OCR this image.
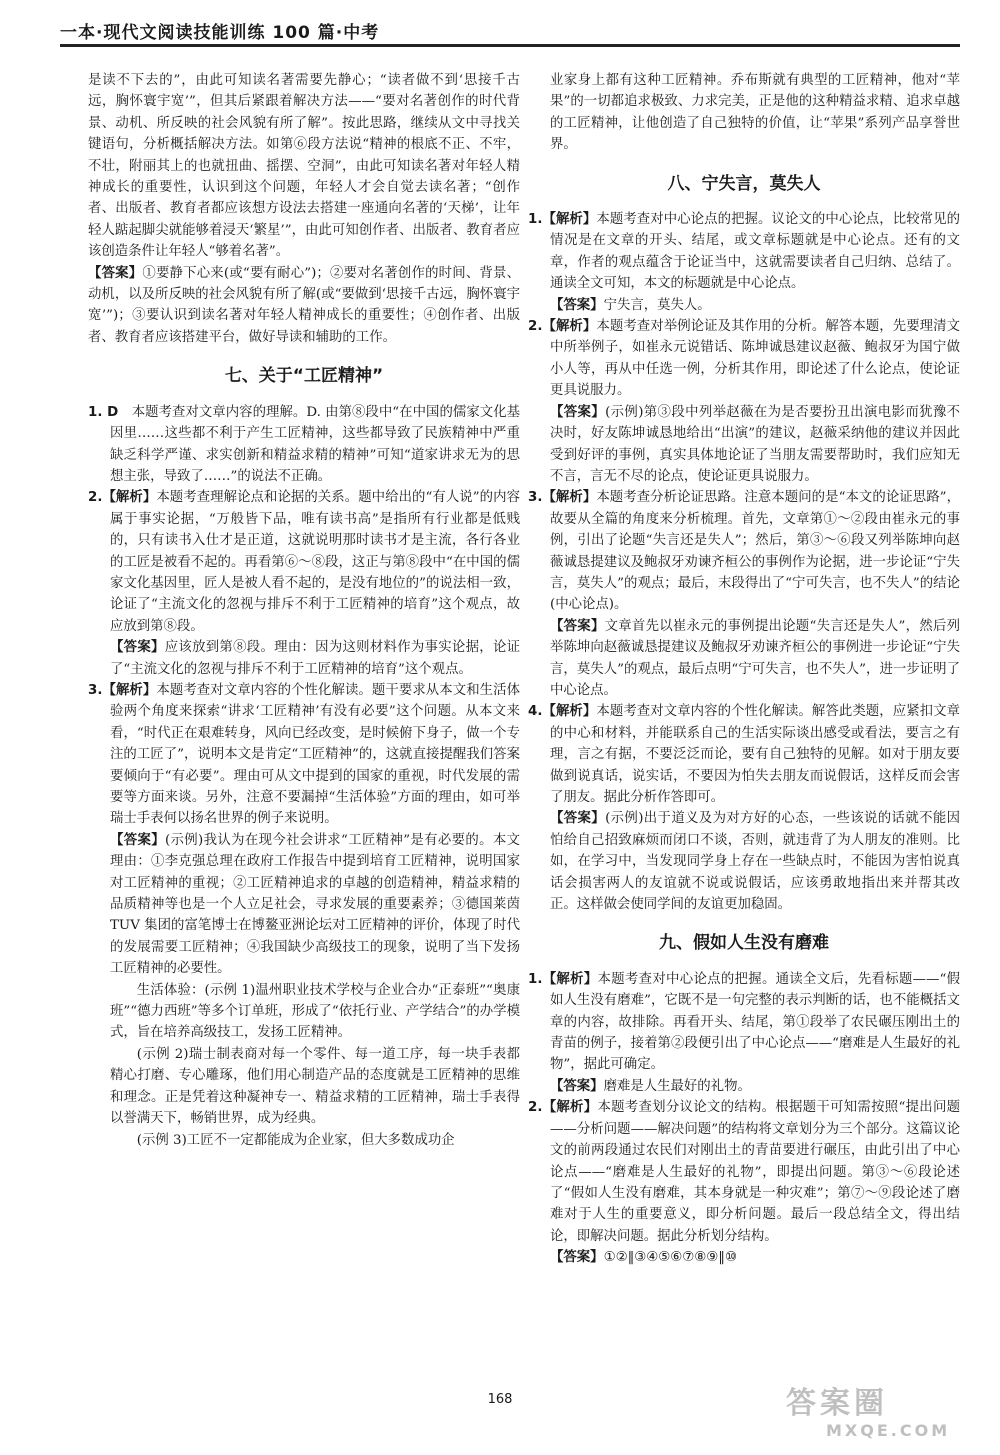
一本·现代文阅读技能训练 100 篇·中考

是读不下去的”，由此可知读名著需要先静心；“读者做不到‘思接千古远，胸怀寰宇宽’”，但其后紧跟着解决方法——“要对名著创作的时代背景、动机、所反映的社会风貌有所了解”。按此思路，继续从文中寻找关键语句，分析概括解决方法。如第⑥段方法说“精神的根底不正、不牢，不壮，附丽其上的也就扭曲、摇摆、空洞”，由此可知读名著对年轻人精神成长的重要性，认识到这个问题，年轻人才会自觉去读名著；“创作者、出版者、教育者都应该想方设法去搭建一座通向名著的‘天梯’，让年轻人踮起脚尖就能够着浸天‘繁星’”，由此可知创作者、出版者、教育者应该创造条件让年轻人“够着名著”。

【答案】①要静下心来(或“要有耐心”)；②要对名著创作的时间、背景、动机，以及所反映的社会风貌有所了解(或“要做到‘思接千古远，胸怀寰宇宽’”)；③要认识到读名著对年轻人精神成长的重要性；④创作者、出版者、教育者应该搭建平台，做好导读和辅助的工作。

七、关于“工匠精神”

1. D　 本题考查对文章内容的理解。D. 由第⑧段中“在中国的儒家文化基因里……这些都不利于产生工匠精神，这些都导致了民族精神中严重缺乏科学严谨、求实创新和精益求精的精神”可知“道家讲求无为的思想主张，导致了……”的说法不正确。

2.【解析】本题考查理解论点和论据的关系。题中给出的“有人说”的内容属于事实论据，“万般皆下品，唯有读书高”是指所有行业都是低贱的，只有读书入仕才是正道，这就说明那时读书才是主流，各行各业的工匠是被看不起的。再看第⑥～⑧段，这正与第⑧段中“在中国的儒家文化基因里，匠人是被人看不起的，是没有地位的”的说法相一致，论证了“主流文化的忽视与排斥不利于工匠精神的培育”这个观点，故应放到第⑧段。

【答案】应该放到第⑧段。理由：因为这则材料作为事实论据，论证了“主流文化的忽视与排斥不利于工匠精神的培育”这个观点。

3.【解析】本题考查对文章内容的个性化解读。题干要求从本文和生活体验两个角度来探索“讲求‘工匠精神’有没有必要”这个问题。从本文来看，“时代正在艰难转身，风向已经改变，是时候俯下身子，做一个专注的工匠了”，说明本文是肯定“工匠精神”的，这就直接提醒我们答案要倾向于“有必要”。理由可从文中提到的国家的重视，时代发展的需要等方面来谈。另外，注意不要漏掉“生活体验”方面的理由，如可举瑞士手表何以扬名世界的例子来说明。

【答案】(示例)我认为在现今社会讲求“工匠精神”是有必要的。本文理由：①李克强总理在政府工作报告中提到培育工匠精神，说明国家对工匠精神的重视；②工匠精神追求的卓越的创造精神，精益求精的品质精神等也是一个人立足社会，寻求发展的重要素养；③德国莱茵 TUV 集团的富笔博士在博鳌亚洲论坛对工匠精神的评价，体现了时代的发展需要工匠精神；④我国缺少高级技工的现象，说明了当下发扬工匠精神的必要性。

生活体验：(示例 1)温州职业技术学校与企业合办“正泰班”“奥康班”“德力西班”等多个订单班，形成了“依托行业、产学结合”的办学模式，旨在培养高级技工，发扬工匠精神。

(示例 2)瑞士制表商对每一个零件、每一道工序，每一块手表都精心打磨、专心雕琢，他们用心制造产品的态度就是工匠精神的思维和理念。正是凭着这种凝神专一、精益求精的工匠精神，瑞士手表得以誉满天下，畅销世界，成为经典。

(示例 3)工匠不一定都能成为企业家，但大多数成功企

业家身上都有这种工匠精神。乔布斯就有典型的工匠精神，他对“苹果”的一切都追求极致、力求完美，正是他的这种精益求精、追求卓越的工匠精神，让他创造了自己独特的价值，让“苹果”系列产品享誉世界。

八、宁失言，莫失人

1.【解析】本题考查对中心论点的把握。议论文的中心论点，比较常见的情况是在文章的开头、结尾，或文章标题就是中心论点。还有的文章，作者的观点蕴含于论证当中，这就需要读者自己归纳、总结了。通读全文可知，本文的标题就是中心论点。

【答案】宁失言，莫失人。

2.【解析】本题考查对举例论证及其作用的分析。解答本题，先要理清文中所举例子，如崔永元说错话、陈坤诚恳建议赵薇、鲍叔牙为国宁做小人等，再从中任选一例，分析其作用，即论述了什么论点，使论证更具说服力。

【答案】(示例)第③段中列举赵薇在为是否要扮丑出演电影而犹豫不决时，好友陈坤诚恳地给出“出演”的建议，赵薇采纳他的建议并因此受到好评的事例，真实具体地论证了当朋友需要帮助时，我们应知无不言，言无不尽的论点，使论证更具说服力。

3.【解析】本题考查分析论证思路。注意本题问的是“本文的论证思路”，故要从全篇的角度来分析梳理。首先，文章第①～②段由崔永元的事例，引出了论题“失言还是失人”；然后，第③～⑥段又列举陈坤向赵薇诚恳提建议及鲍叔牙劝谏齐桓公的事例作为论据，进一步论证“宁失言，莫失人”的观点；最后，末段得出了“宁可失言，也不失人”的结论(中心论点)。

【答案】文章首先以崔永元的事例提出论题“失言还是失人”，然后列举陈坤向赵薇诚恳提建议及鲍叔牙劝谏齐桓公的事例进一步论证“宁失言，莫失人”的观点，最后点明“宁可失言，也不失人”，进一步证明了中心论点。

4.【解析】本题考查对文章内容的个性化解读。解答此类题，应紧扣文章的中心和材料，并能联系自己的生活实际谈出感受或看法，要言之有理，言之有据，不要泛泛而论，要有自己独特的见解。如对于朋友要做到说真话，说实话，不要因为怕失去朋友而说假话，这样反而会害了朋友。据此分析作答即可。

【答案】(示例)出于道义及为对方好的心态，一些该说的话就不能因怕给自己招致麻烦而闭口不谈，否则，就违背了为人朋友的准则。比如，在学习中，当发现同学身上存在一些缺点时，不能因为害怕说真话会损害两人的友谊就不说或说假话，应该勇敢地指出来并帮其改正。这样做会使同学间的友谊更加稳固。

九、假如人生没有磨难

1.【解析】本题考查对中心论点的把握。通读全文后，先看标题——“假如人生没有磨难”，它既不是一句完整的表示判断的话，也不能概括文章的内容，故排除。再看开头、结尾，第①段举了农民碾压刚出土的青苗的例子，接着第②段便引出了中心论点——“磨难是人生最好的礼物”，据此可确定。

【答案】磨难是人生最好的礼物。

2.【解析】本题考查划分议论文的结构。根据题干可知需按照“提出问题——分析问题——解决问题”的结构将文章划分为三个部分。这篇议论文的前两段通过农民们对刚出土的青苗要进行碾压，由此引出了中心论点——“磨难是人生最好的礼物”，即提出问题。第③～⑥段论述了“假如人生没有磨难，其本身就是一种灾难”；第⑦～⑨段论述了磨难对于人生的重要意义，即分析问题。最后一段总结全文，得出结论，即解决问题。据此分析划分结构。

【答案】①②‖③④⑤⑥⑦⑧⑨‖⑩

168	答案圈
MXQE.COM
